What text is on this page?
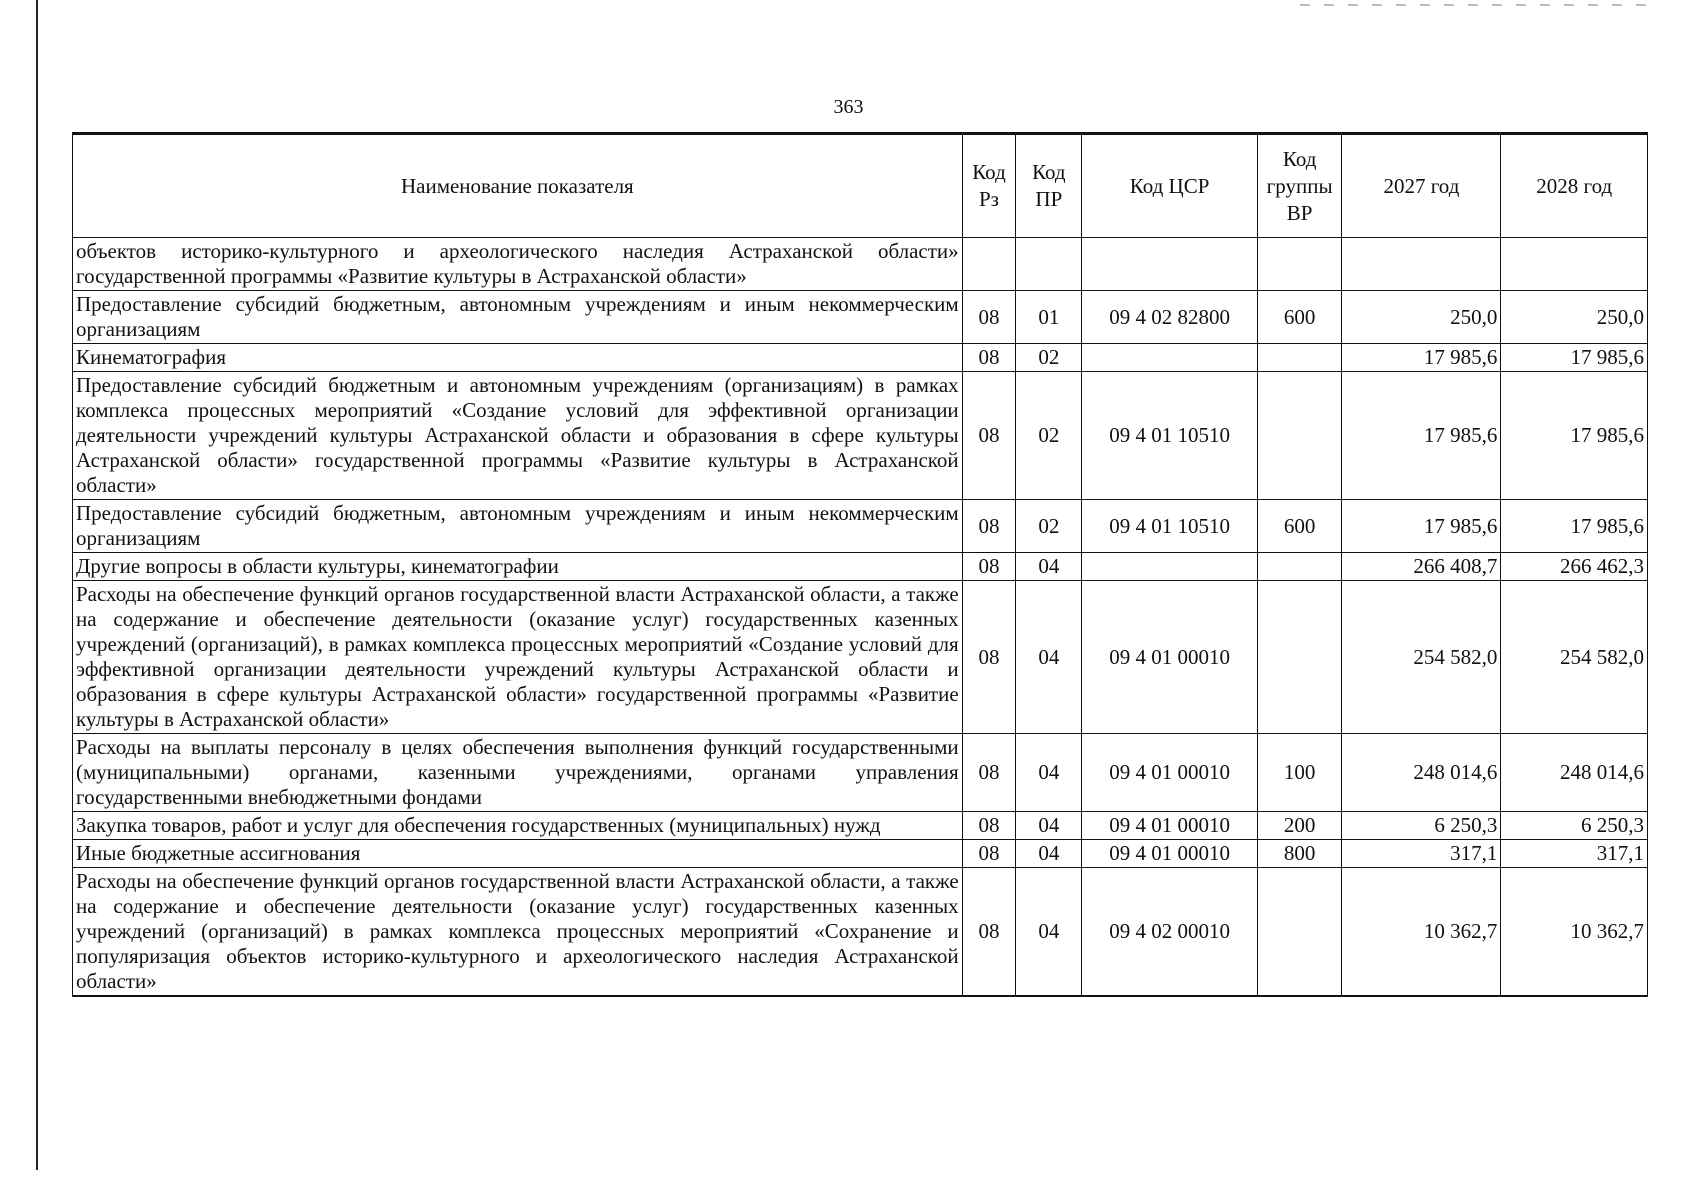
363
Наименование показателя	Код Рз	Код ПР	Код ЦСР	Код группы ВР	2027 год	2028 год
объектов историко-культурного и археологического наследия Астраханской области» государственной программы «Развитие культуры в Астраханской области»						
Предоставление субсидий бюджетным, автономным учреждениям и иным некоммерческим организациям	08	01	09 4 02 82800	600	250,0	250,0
Кинематография	08	02			17 985,6	17 985,6
Предоставление субсидий бюджетным и автономным учреждениям (организациям) в рамках комплекса процессных мероприятий «Создание условий для эффективной организации деятельности учреждений культуры Астраханской области и образования в сфере культуры Астраханской области» государственной программы «Развитие культуры в Астраханской области»	08	02	09 4 01 10510		17 985,6	17 985,6
Предоставление субсидий бюджетным, автономным учреждениям и иным некоммерческим организациям	08	02	09 4 01 10510	600	17 985,6	17 985,6
Другие вопросы в области культуры, кинематографии	08	04			266 408,7	266 462,3
Расходы на обеспечение функций органов государственной власти Астраханской области, а также на содержание и обеспечение деятельности (оказание услуг) государственных казенных учреждений (организаций), в рамках комплекса процессных мероприятий «Создание условий для эффективной организации деятельности учреждений культуры Астраханской области и образования в сфере культуры Астраханской области» государственной программы «Развитие культуры в Астраханской области»	08	04	09 4 01 00010		254 582,0	254 582,0
Расходы на выплаты персоналу в целях обеспечения выполнения функций государственными (муниципальными) органами, казенными учреждениями, органами управления государственными внебюджетными фондами	08	04	09 4 01 00010	100	248 014,6	248 014,6
Закупка товаров, работ и услуг для обеспечения государственных (муниципальных) нужд	08	04	09 4 01 00010	200	6 250,3	6 250,3
Иные бюджетные ассигнования	08	04	09 4 01 00010	800	317,1	317,1
Расходы на обеспечение функций органов государственной власти Астраханской области, а также на содержание и обеспечение деятельности (оказание услуг) государственных казенных учреждений (организаций) в рамках комплекса процессных мероприятий «Сохранение и популяризация объектов историко-культурного и археологического наследия Астраханской области»	08	04	09 4 02 00010		10 362,7	10 362,7
